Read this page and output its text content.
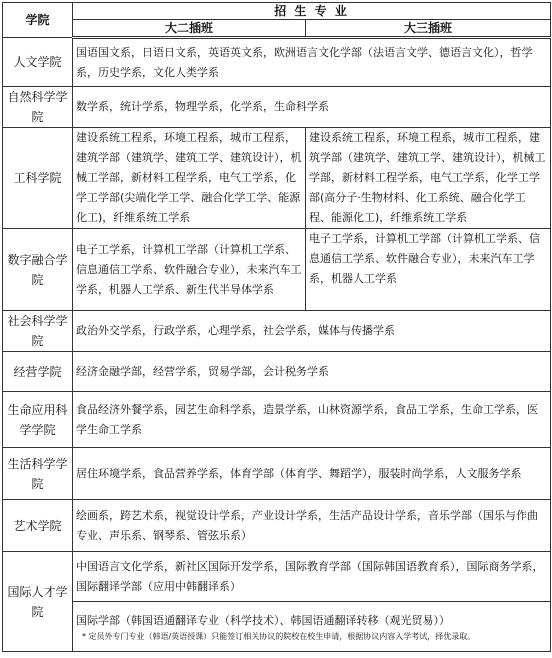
学院	招 生 专 业	
	大二插班	大三插班
人文学院	国语国文系，日语日文系，英语英文系，欧洲语言文化学部（法语言文学、德语言文化），哲学系，历史学系，文化人类学系	
自然科学学院	数学系，统计学系，物理学系，化学系，生命科学系	
工科学院	建设系统工程系，环境工程系，城市工程系，建筑学部（建筑学、建筑工学、建筑设计），机械工学部，新材料工程学系，电气工学系，化学工学部(尖端化学工学、融合化学工学、能源化工)，纤维系统工学系	建设系统工程系，环境工程系，城市工程系，建筑学部（建筑学、建筑工学、建筑设计），机械工学部，新材料工程学系，电气工学系，化学工学部(高分子·生物材料、化工系统、融合化学工程、能源化工)，纤维系统工学系
数字融合学院	电子工学系，计算机工学部（计算机工学系、信息通信工学系、软件融合专业），未来汽车工学系，机器人工学系、新生代半导体学系	电子工学系，计算机工学部（计算机工学系、信息通信工学系、软件融合专业），未来汽车工学系，机器人工学系
社会科学学院	政治外交学系，行政学系，心理学系，社会学系，媒体与传播学系	
经营学院	经济金融学部，经营学系，贸易学部，会计税务学系	
生命应用科学学院	食品经济外餐学系，园艺生命科学系，造景学系，山林资源学系，食品工学系，生命工学系，医学生命工学系	
生活科学学院	居住环境学系，食品营养学系，体育学部（体育学、舞蹈学），服装时尚学系，人文服务学系	
艺术学院	绘画系，跨艺术系，视觉设计学系，产业设计学系，生活产品设计学系，音乐学部（国乐与作曲专业、声乐系、钢琴系、管弦乐系）	
国际人才学院	中国语言文化学系，新社区国际开发学系，国际教育学部（国际韩国语教育系），国际商务学系，国际翻译学部（应用中韩翻译系）	

	国际学部（韩国语通翻译专业（科学技术）、韩国语通翻译转移（观光贸易））
* 定员外专门专业（韩语/英语授课）只能签订相关协议的院校在校生申请，根据协议内容入学考试，择优录取。	
